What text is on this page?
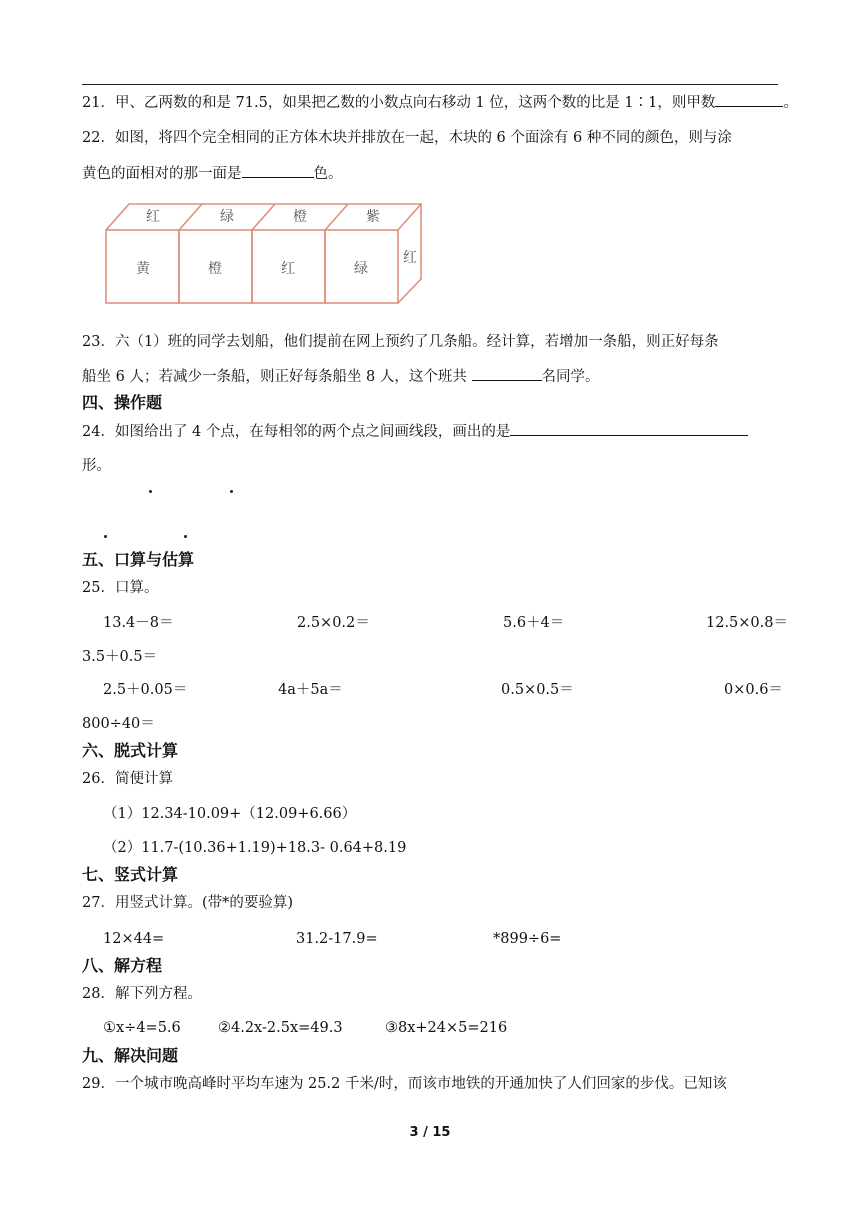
21．甲、乙两数的和是 71.5，如果把乙数的小数点向右移动 1 位，这两个数的比是 1∶1，则甲数	。
22．如图，将四个完全相同的正方体木块并排放在一起，木块的 6 个面涂有 6 种不同的颜色，则与涂
黄色的面相对的那一面是	色。
红	绿	橙	紫
黄	橙	红	绿
红
23．六（1）班的同学去划船，他们提前在网上预约了几条船。经计算，若增加一条船，则正好每条
船坐 6 人；若减少一条船，则正好每条船坐 8 人，这个班共	名同学。
四、操作题
24．如图给出了 4 个点，在每相邻的两个点之间画线段，画出的是
形。
五、口算与估算
25．口算。
13.4－8＝	2.5×0.2＝	5.6＋4＝	12.5×0.8＝
3.5＋0.5＝
2.5＋0.05＝	4a＋5a＝	0.5×0.5＝	0×0.6＝
800÷40＝
六、脱式计算
26．简便计算
（1）12.34-10.09+（12.09+6.66）
（2）11.7-(10.36+1.19)+18.3- 0.64+8.19
七、竖式计算
27．用竖式计算。(带*的要验算)
12×44=	31.2-17.9=	*899÷6=
八、解方程
28．解下列方程。
①x÷4=5.6	②4.2x-2.5x=49.3	③8x+24×5=216
九、解决问题
29．一个城市晚高峰时平均车速为 25.2 千米/时，而该市地铁的开通加快了人们回家的步伐。已知该
3 / 15
